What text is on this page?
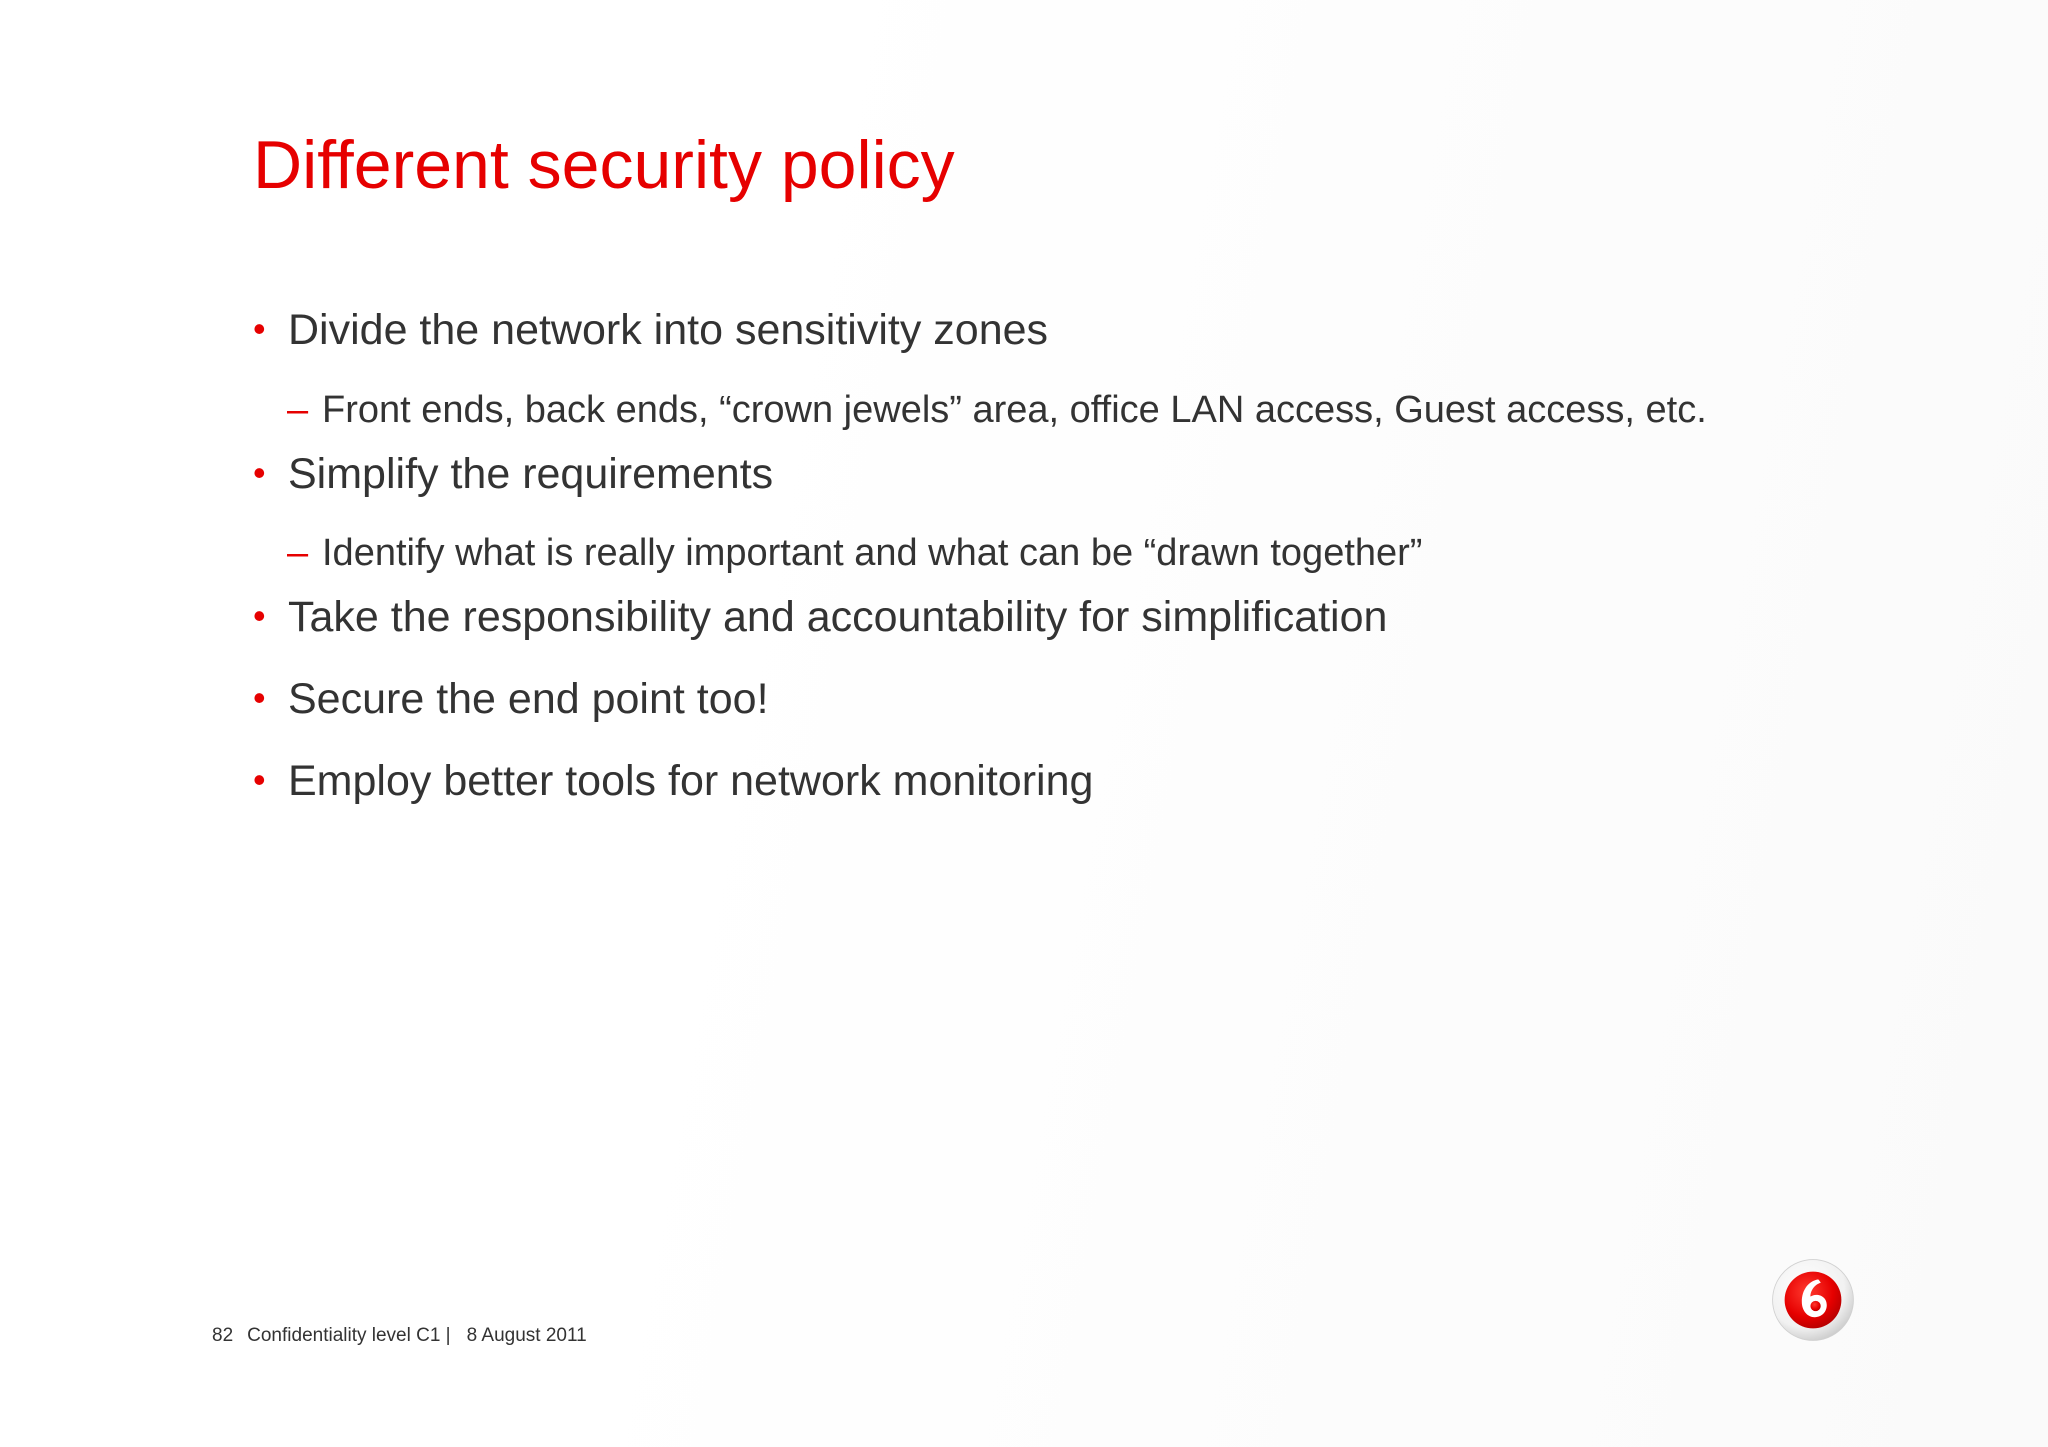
Different security policy
• Divide the network into sensitivity zones
– Front ends, back ends, “crown jewels” area, office LAN access, Guest access, etc.
• Simplify the requirements
– Identify what is really important and what can be “drawn together”
• Take the responsibility and accountability for simplification
• Secure the end point too!
• Employ better tools for network monitoring
82 Confidentiality level C1 | 8 August 2011
